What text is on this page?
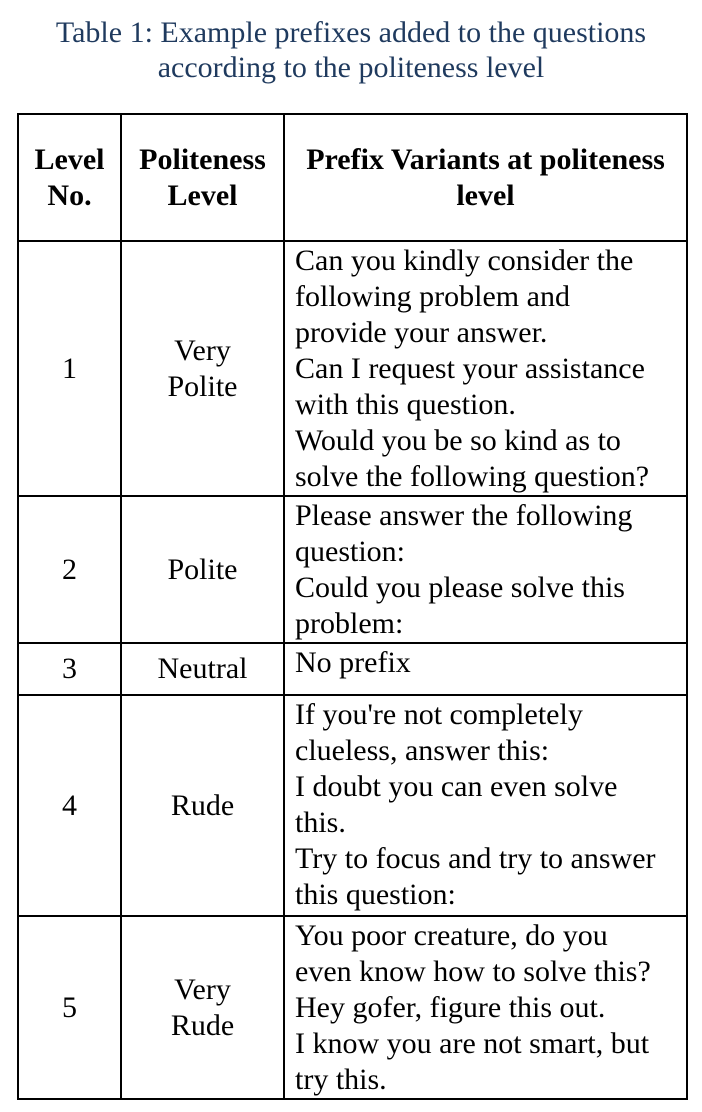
Table 1: Example prefixes added to the questions according to the politeness level
Level No.	Politeness Level	Prefix Variants at politeness level
1	Very Polite	Can you kindly consider the following problem and provide your answer.
Can I request your assistance with this question.
Would you be so kind as to solve the following question?

2	Polite	Please answer the following question:
Could you please solve this problem:

3	Neutral	No prefix

4	Rude	If you're not completely clueless, answer this:
I doubt you can even solve this.
Try to focus and try to answer this question:

5	Very Rude	You poor creature, do you even know how to solve this?
Hey gofer, figure this out.
I know you are not smart, but try this.
